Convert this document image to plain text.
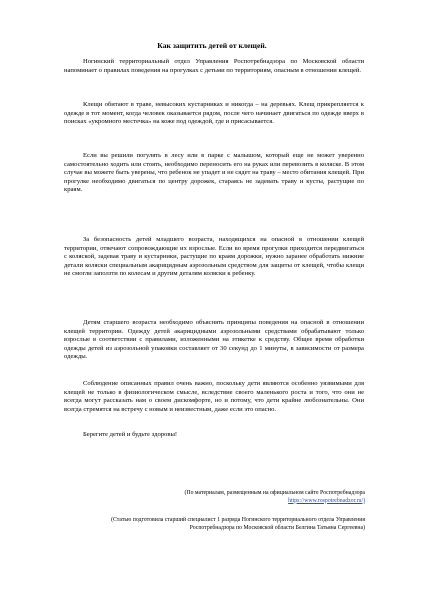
Как защитить детей от клещей.

Ногинский территориальный отдел Управления Роспотребнадзора по Московской области напоминает о правилах поведения на прогулках с детьми по территориям, опасным в отношении клещей.

Клещи обитают в траве, невысоких кустарниках и никогда – на деревьях. Клещ прикрепляется к одежде в тот момент, когда человек оказывается рядом, после чего начинает двигаться по одежде вверх в поисках «укромного местечка» на коже под одеждой, где и присасывается.

Если вы решили погулять в лесу или в парке с малышом, который еще не может уверенно самостоятельно ходить или стоять, необходимо переносить его на руках или перевозить в коляске. В этом случае вы можете быть уверены, что ребенок не упадет и не сядет на траву – место обитания клещей. При прогулке необходимо двигаться по центру дорожек, стараясь не задевать траву и кусты, растущие по краям.

За безопасность детей младшего возраста, находящихся на опасной в отношении клещей территории, отвечают сопровождающие их взрослые. Если во время прогулки приходится передвигаться с коляской, задевая траву и кустарники, растущие по краям дорожки, нужно заранее обработать нижние детали коляски специальным акарицидным аэрозольным средством для защиты от клещей, чтобы клещи не смогли заползти по колесам и другим деталям коляски к ребенку.

Детям старшего возраста необходимо объяснять принципы поведения на опасной в отношении клещей территории. Одежду детей акарицидными аэрозольными средствами обрабатывают только взрослые в соответствии с правилами, изложенными на этикетке к средству. Общее время обработки одежды детей из аэрозольной упаковки составляет от 30 секунд до 1 минуты, в зависимости от размера одежды.

Соблюдение описанных правил очень важно, поскольку дети являются особенно уязвимыми для клещей не только в физиологическом смысле, вследствие своего маленького роста и того, что они не всегда могут рассказать нам о своем дискомфорте, но и потому, что дети крайне любознательны. Они всегда стремятся на встречу с новым и неизвестным, даже если это опасно.

Берегите детей и будьте здоровы!
(По материалам, размещенным на официальном сайте Роспотребнадзора
https://www.rospotrebnadzor.ru/)
(Статью подготовила старший специалист 1 разряда Ногинского территориального отдела Управления Роспотребнадзора по Московской области Белгина Татьяна Сергеевна)
